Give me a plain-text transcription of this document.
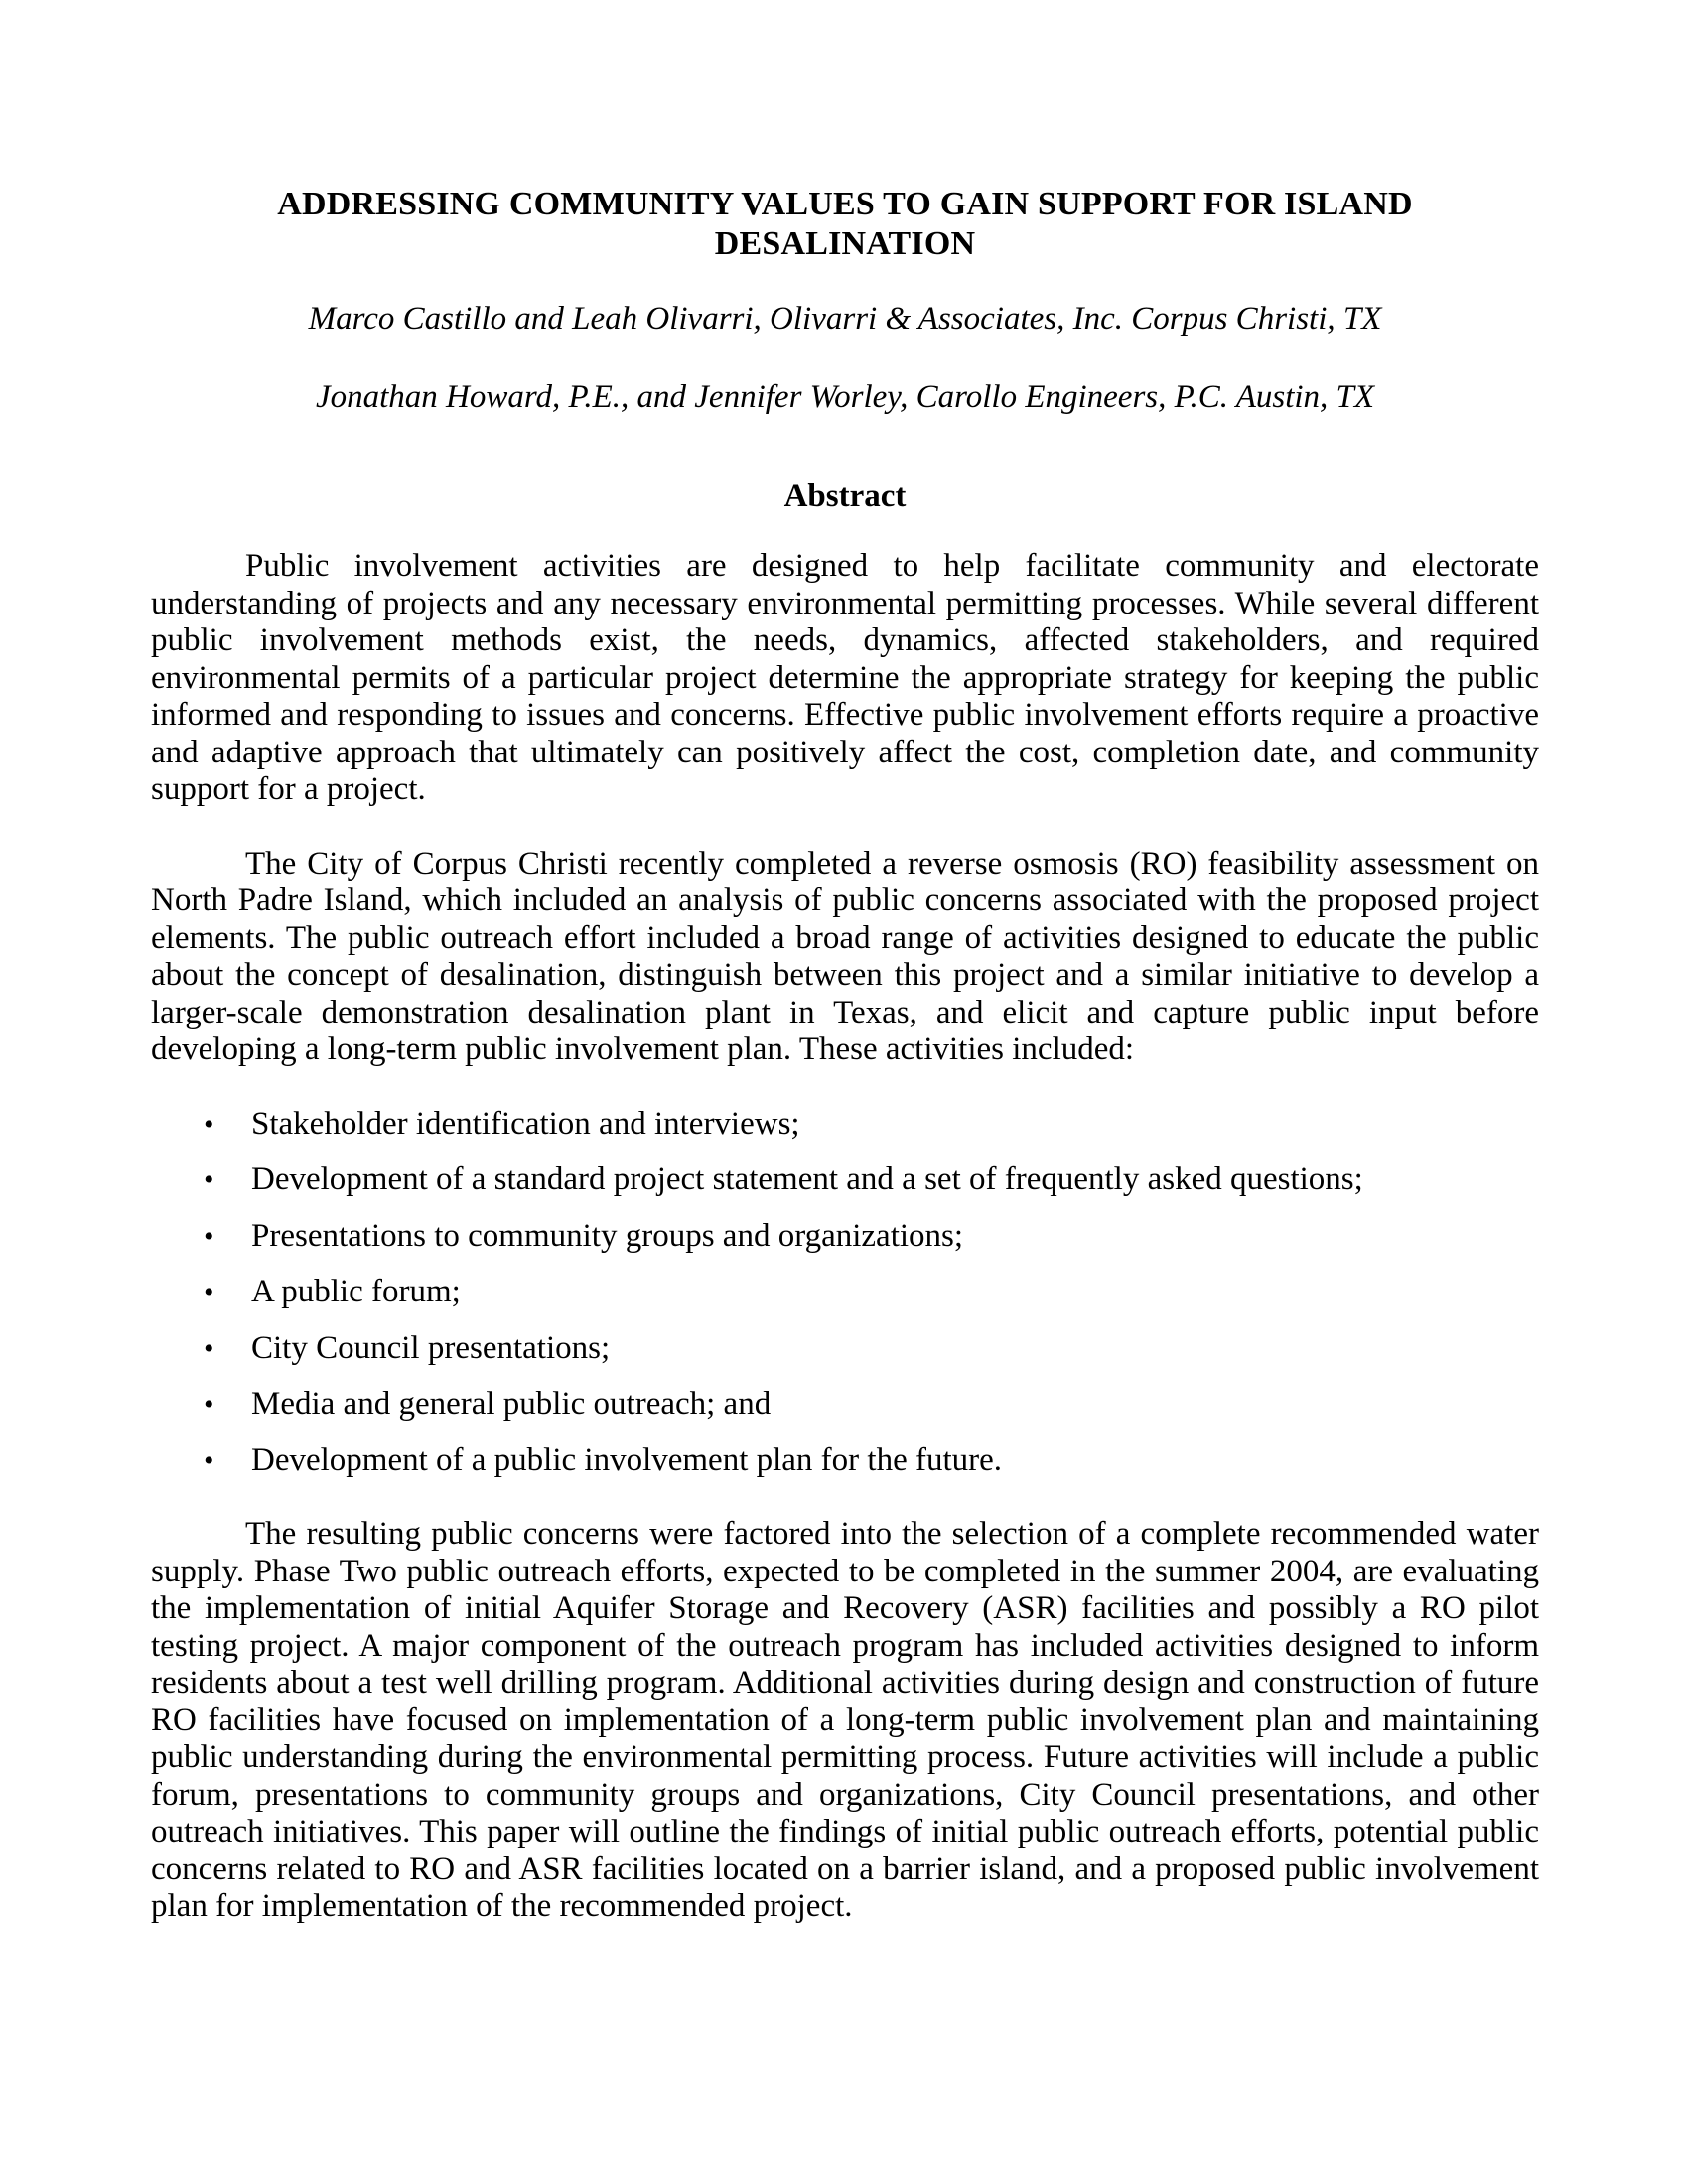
ADDRESSING COMMUNITY VALUES TO GAIN SUPPORT FOR ISLAND DESALINATION

Marco Castillo and Leah Olivarri, Olivarri & Associates, Inc. Corpus Christi, TX

Jonathan Howard, P.E., and Jennifer Worley, Carollo Engineers, P.C. Austin, TX

Abstract

Public involvement activities are designed to help facilitate community and electorate understanding of projects and any necessary environmental permitting processes. While several different public involvement methods exist, the needs, dynamics, affected stakeholders, and required environmental permits of a particular project determine the appropriate strategy for keeping the public informed and responding to issues and concerns. Effective public involvement efforts require a proactive and adaptive approach that ultimately can positively affect the cost, completion date, and community support for a project.

The City of Corpus Christi recently completed a reverse osmosis (RO) feasibility assessment on North Padre Island, which included an analysis of public concerns associated with the proposed project elements. The public outreach effort included a broad range of activities designed to educate the public about the concept of desalination, distinguish between this project and a similar initiative to develop a larger-scale demonstration desalination plant in Texas, and elicit and capture public input before developing a long-term public involvement plan. These activities included:

• Stakeholder identification and interviews;
• Development of a standard project statement and a set of frequently asked questions;
• Presentations to community groups and organizations;
• A public forum;
• City Council presentations;
• Media and general public outreach; and
• Development of a public involvement plan for the future.

The resulting public concerns were factored into the selection of a complete recommended water supply. Phase Two public outreach efforts, expected to be completed in the summer 2004, are evaluating the implementation of initial Aquifer Storage and Recovery (ASR) facilities and possibly a RO pilot testing project. A major component of the outreach program has included activities designed to inform residents about a test well drilling program. Additional activities during design and construction of future RO facilities have focused on implementation of a long-term public involvement plan and maintaining public understanding during the environmental permitting process. Future activities will include a public forum, presentations to community groups and organizations, City Council presentations, and other outreach initiatives. This paper will outline the findings of initial public outreach efforts, potential public concerns related to RO and ASR facilities located on a barrier island, and a proposed public involvement plan for implementation of the recommended project.
